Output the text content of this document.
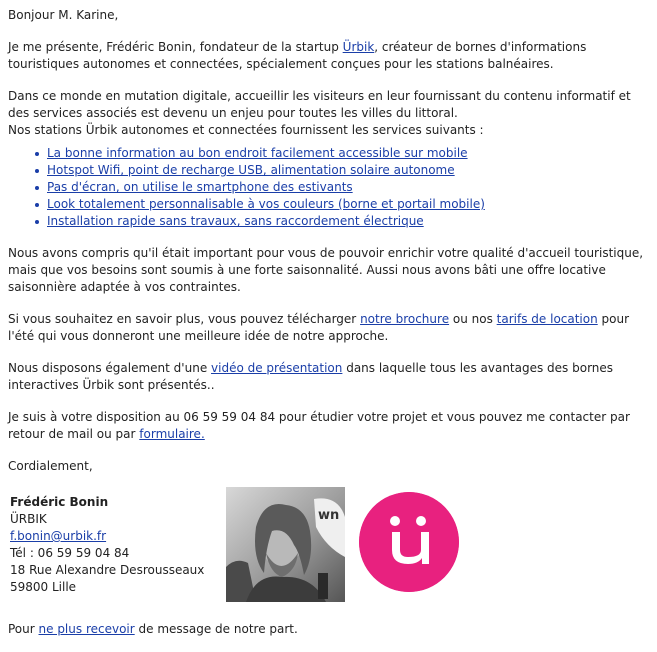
Bonjour M. Karine,

Je me présente, Frédéric Bonin, fondateur de la startup Ürbik, créateur de bornes d'informations touristiques autonomes et connectées, spécialement conçues pour les stations balnéaires.

Dans ce monde en mutation digitale, accueillir les visiteurs en leur fournissant du contenu informatif et des services associés est devenu un enjeu pour toutes les villes du littoral.

Nos stations Ürbik autonomes et connectées fournissent les services suivants :

La bonne information au bon endroit facilement accessible sur mobile
Hotspot Wifi, point de recharge USB, alimentation solaire autonome
Pas d'écran, on utilise le smartphone des estivants
Look totalement personnalisable à vos couleurs (borne et portail mobile)
Installation rapide sans travaux, sans raccordement électrique

Nous avons compris qu'il était important pour vous de pouvoir enrichir votre qualité d'accueil touristique, mais que vos besoins sont soumis à une forte saisonnalité. Aussi nous avons bâti une offre locative saisonnière adaptée à vos contraintes.

Si vous souhaitez en savoir plus, vous pouvez télécharger notre brochure ou nos tarifs de location pour l'été qui vous donneront une meilleure idée de notre approche.

Nous disposons également d'une vidéo de présentation dans laquelle tous les avantages des bornes interactives Ürbik sont présentés..

Je suis à votre disposition au 06 59 59 04 84 pour étudier votre projet et vous pouvez me contacter par retour de mail ou par formulaire.

Cordialement,

Frédéric Bonin
ÜRBIK
f.bonin@urbik.fr
Tél : 06 59 59 04 84
18 Rue Alexandre Desrousseaux
59800 Lille
wn

Pour ne plus recevoir de message de notre part.
